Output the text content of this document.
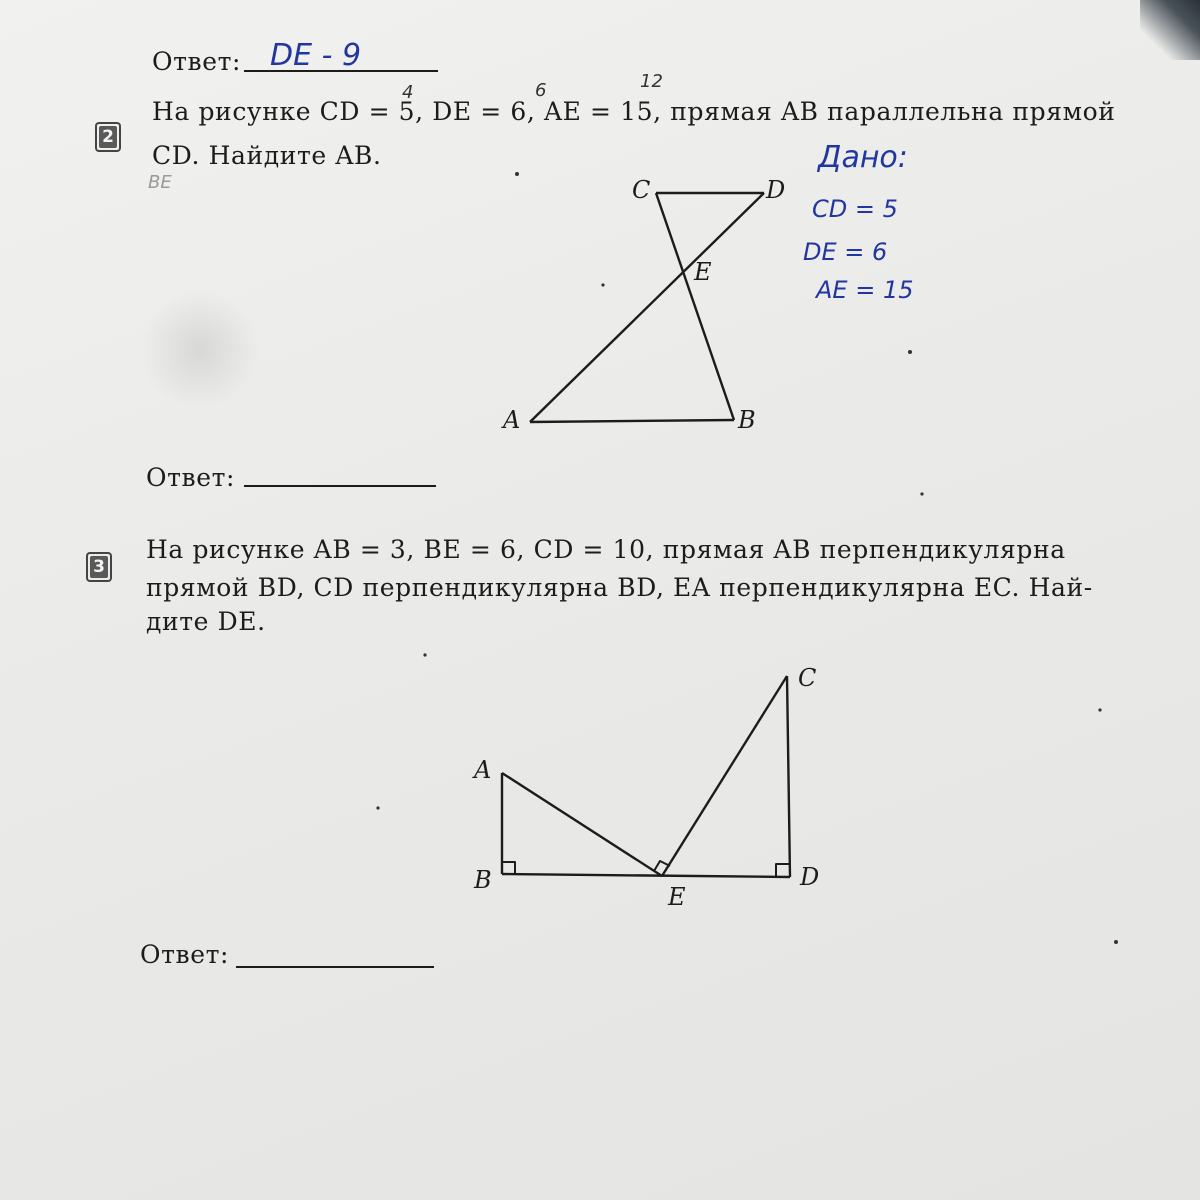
Ответ: DE - 9
2
На рисунке CD = 5, DE = 6, AE = 15, прямая AB параллельна прямой
CD. Найдите AB.
BE
4	6	12
Дано:
CD = 5
DE = 6
AE = 15
Ответ:
3
На рисунке AB = 3, BE = 6, CD = 10, прямая AB перпендикулярна
прямой BD, CD перпендикулярна BD, EA перпендикулярна EC. Най-
дите DE.
Ответ:
C	D
E
A	B
A
B
C
D
E
